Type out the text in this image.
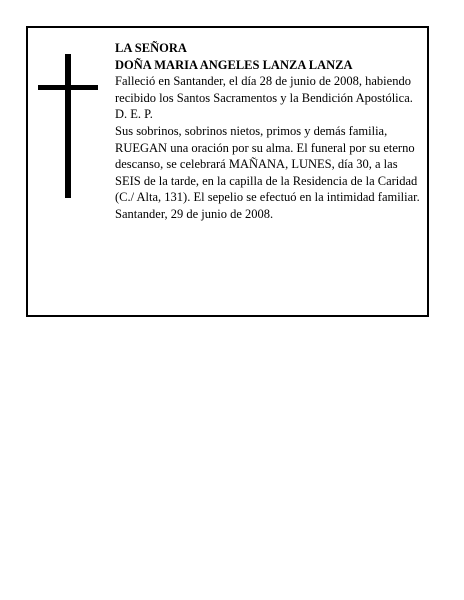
LA SEÑORA

DOÑA MARIA ANGELES LANZA LANZA

Falleció en Santander, el día 28 de junio de 2008, habiendo recibido los Santos Sacramentos y la Bendición Apostólica.

D. E. P.

Sus sobrinos, sobrinos nietos, primos y demás familia, RUEGAN una oración por su alma. El funeral por su eterno descanso, se celebrará MAÑANA, LUNES, día 30, a las SEIS de la tarde, en la capilla de la Residencia de la Caridad (C./ Alta, 131). El sepelio se efectuó en la intimidad familiar.

Santander, 29 de junio de 2008.
